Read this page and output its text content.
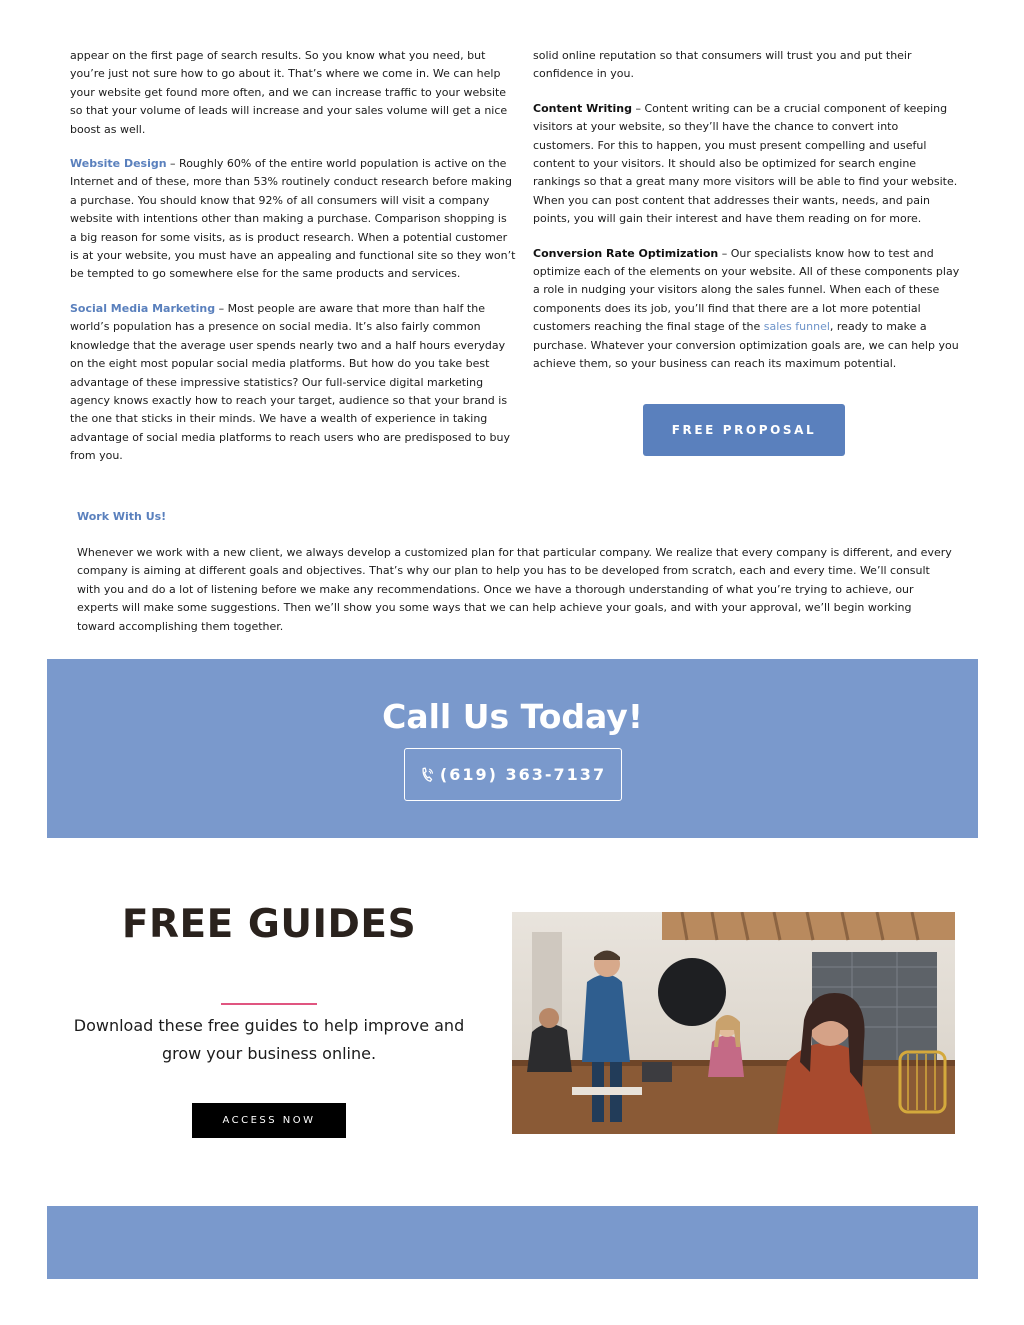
appear on the first page of search results. So you know what you need, but you’re just not sure how to go about it. That’s where we come in. We can help your website get found more often, and we can increase traffic to your website so that your volume of leads will increase and your sales volume will get a nice boost as well.

Website Design – Roughly 60% of the entire world population is active on the Internet and of these, more than 53% routinely conduct research before making a purchase. You should know that 92% of all consumers will visit a company website with intentions other than making a purchase. Comparison shopping is a big reason for some visits, as is product research. When a potential customer is at your website, you must have an appealing and functional site so they won’t be tempted to go somewhere else for the same products and services.

Social Media Marketing – Most people are aware that more than half the world’s population has a presence on social media. It’s also fairly common knowledge that the average user spends nearly two and a half hours everyday on the eight most popular social media platforms. But how do you take best advantage of these impressive statistics? Our full-service digital marketing agency knows exactly how to reach your target, audience so that your brand is the one that sticks in their minds. We have a wealth of experience in taking advantage of social media platforms to reach users who are predisposed to buy from you.

solid online reputation so that consumers will trust you and put their confidence in you.

Content Writing – Content writing can be a crucial component of keeping visitors at your website, so they’ll have the chance to convert into customers. For this to happen, you must present compelling and useful content to your visitors. It should also be optimized for search engine rankings so that a great many more visitors will be able to find your website. When you can post content that addresses their wants, needs, and pain points, you will gain their interest and have them reading on for more.

Conversion Rate Optimization – Our specialists know how to test and optimize each of the elements on your website. All of these components play a role in nudging your visitors along the sales funnel. When each of these components does its job, you’ll find that there are a lot more potential customers reaching the final stage of the sales funnel, ready to make a purchase. Whatever your conversion optimization goals are, we can help you achieve them, so your business can reach its maximum potential.

FREE PROPOSAL
Work With Us!

Whenever we work with a new client, we always develop a customized plan for that particular company. We realize that every company is different, and every company is aiming at different goals and objectives. That’s why our plan to help you has to be developed from scratch, each and every time. We’ll consult with you and do a lot of listening before we make any recommendations. Once we have a thorough understanding of what you’re trying to achieve, our experts will make some suggestions. Then we’ll show you some ways that we can help achieve your goals, and with your approval, we’ll begin working toward accomplishing them together.

Call Us Today!
(619) 363-7137
FREE GUIDES

Download these free guides to help improve and grow your business online.

ACCESS NOW
